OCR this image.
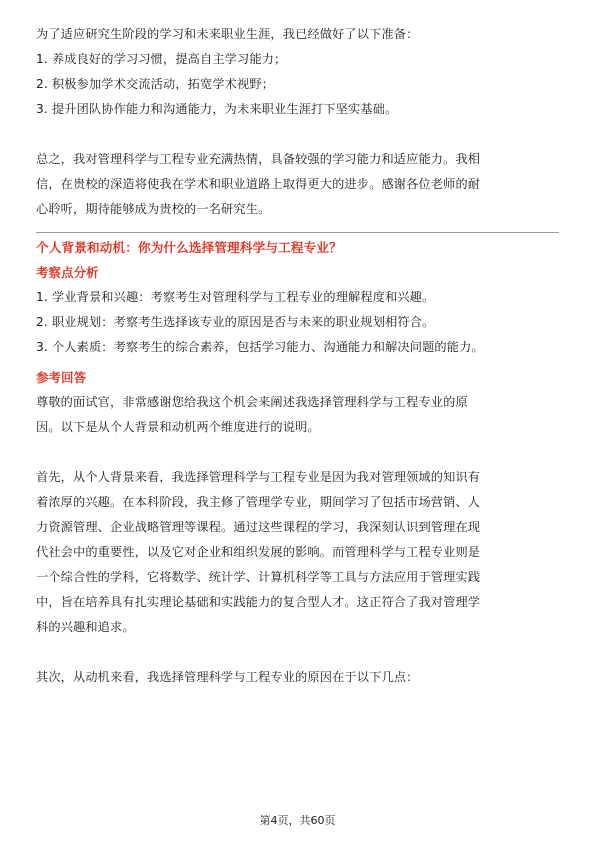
为了适应研究生阶段的学习和未来职业生涯，我已经做好了以下准备：

1. 养成良好的学习习惯，提高自主学习能力；

2. 积极参加学术交流活动，拓宽学术视野；

3. 提升团队协作能力和沟通能力，为未来职业生涯打下坚实基础。

总之，我对管理科学与工程专业充满热情，具备较强的学习能力和适应能力。我相

信，在贵校的深造将使我在学术和职业道路上取得更大的进步。感谢各位老师的耐

心聆听，期待能够成为贵校的一名研究生。

个人背景和动机：你为什么选择管理科学与工程专业？

考察点分析

1. 学业背景和兴趣：考察考生对管理科学与工程专业的理解程度和兴趣。

2. 职业规划：考察考生选择该专业的原因是否与未来的职业规划相符合。

3. 个人素质：考察考生的综合素养，包括学习能力、沟通能力和解决问题的能力。

参考回答

尊敬的面试官，非常感谢您给我这个机会来阐述我选择管理科学与工程专业的原

因。以下是从个人背景和动机两个维度进行的说明。

首先，从个人背景来看，我选择管理科学与工程专业是因为我对管理领域的知识有

着浓厚的兴趣。在本科阶段，我主修了管理学专业，期间学习了包括市场营销、人

力资源管理、企业战略管理等课程。通过这些课程的学习，我深刻认识到管理在现

代社会中的重要性，以及它对企业和组织发展的影响。而管理科学与工程专业则是

一个综合性的学科，它将数学、统计学、计算机科学等工具与方法应用于管理实践

中，旨在培养具有扎实理论基础和实践能力的复合型人才。这正符合了我对管理学

科的兴趣和追求。

其次，从动机来看，我选择管理科学与工程专业的原因在于以下几点：

第4页，共60页
